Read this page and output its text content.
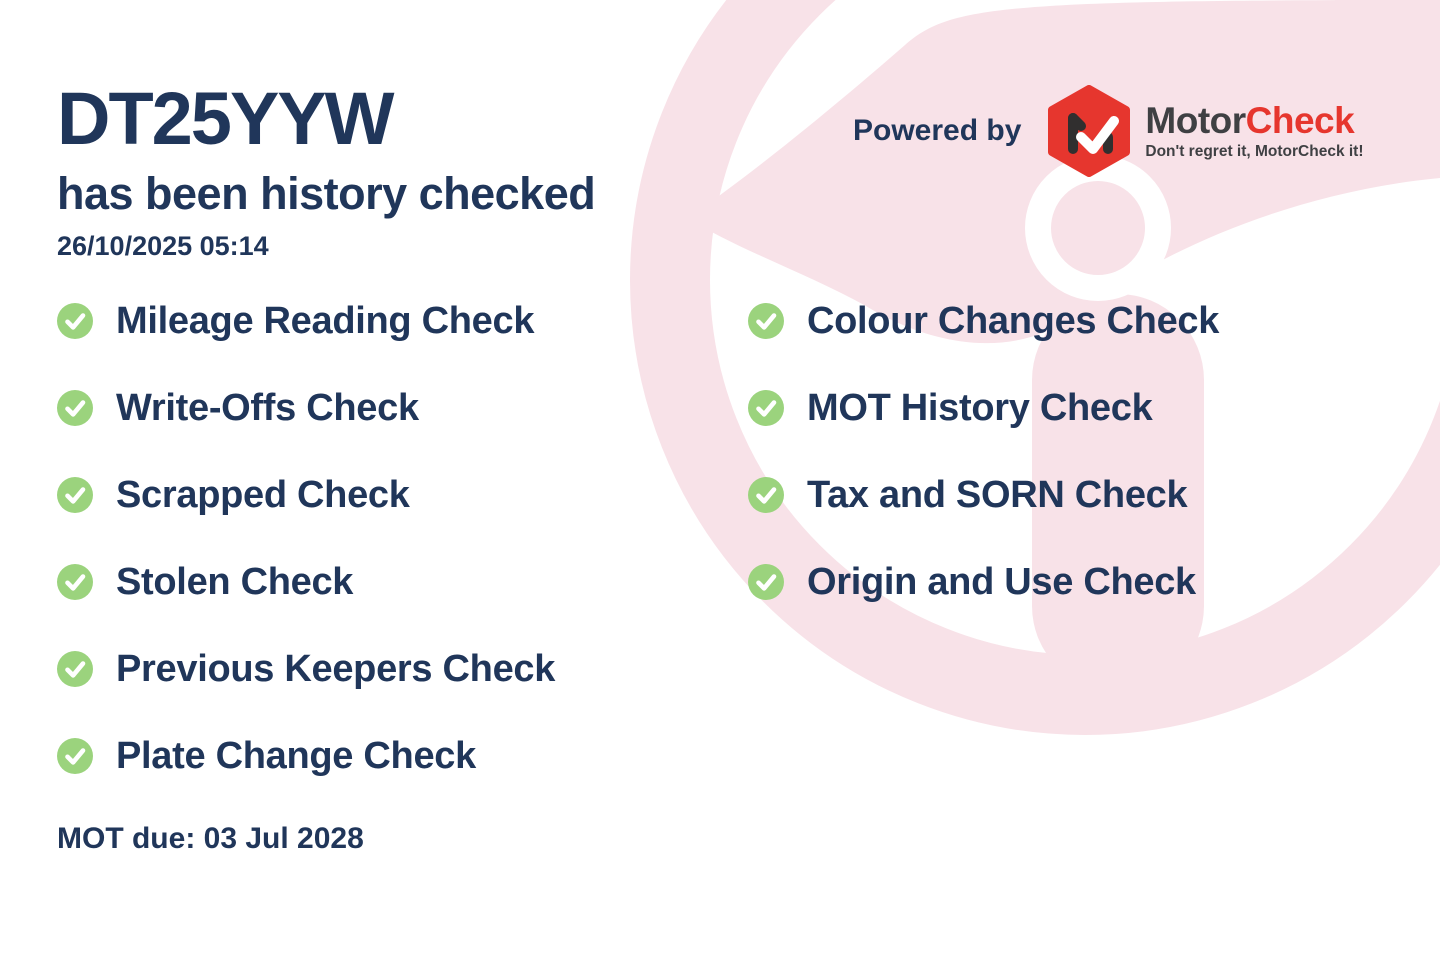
DT25YYW
has been history checked
26/10/2025 05:14
Powered by	MotorCheck
Don't regret it, MotorCheck it!
Mileage Reading Check
Write-Offs Check
Scrapped Check
Stolen Check
Previous Keepers Check
Plate Change Check
Colour Changes Check
MOT History Check
Tax and SORN Check
Origin and Use Check
MOT due: 03 Jul 2028
